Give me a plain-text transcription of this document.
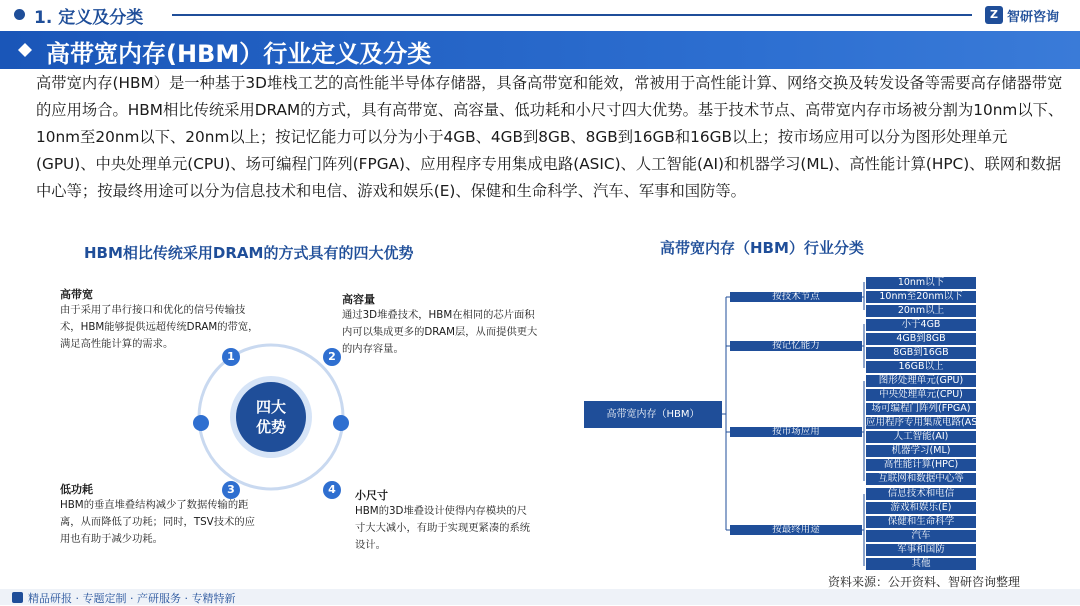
1. 定义及分类	Z 智研咨询
高带宽内存(HBM）行业定义及分类
高带宽内存(HBM）是一种基于3D堆栈工艺的高性能半导体存储器，具备高带宽和能效，常被用于高性能计算、网络交换及转发设备等需要高存储器带宽的应用场合。HBM相比传统采用DRAM的方式，具有高带宽、高容量、低功耗和小尺寸四大优势。基于技术节点、高带宽内存市场被分割为10nm以下、10nm至20nm以下、20nm以上；按记忆能力可以分为小于4GB、4GB到8GB、8GB到16GB和16GB以上；按市场应用可以分为图形处理单元(GPU)、中央处理单元(CPU)、场可编程门阵列(FPGA)、应用程序专用集成电路(ASIC)、人工智能(AI)和机器学习(ML)、高性能计算(HPC)、联网和数据中心等；按最终用途可以分为信息技术和电信、游戏和娱乐(E)、保健和生命科学、汽车、军事和国防等。
HBM相比传统采用DRAM的方式具有的四大优势
四大
优势
1	2
3	4
高带宽
由于采用了串行接口和优化的信号传输技术，HBM能够提供远超传统DRAM的带宽，满足高性能计算的需求。
高容量
通过3D堆叠技术，HBM在相同的芯片面积内可以集成更多的DRAM层，从而提供更大的内存容量。
低功耗
HBM的垂直堆叠结构减少了数据传输的距离，从而降低了功耗；同时，TSV技术的应用也有助于减少功耗。
小尺寸
HBM的3D堆叠设计使得内存模块的尺寸大大减小，有助于实现更紧凑的系统设计。
高带宽内存（HBM）行业分类
高带宽内存（HBM）
按技术节点
按记忆能力
按市场应用
按最终用途
10nm以下
10nm至20nm以下
20nm以上
小于4GB
4GB到8GB
8GB到16GB
16GB以上
图形处理单元(GPU)
中央处理单元(CPU)
场可编程门阵列(FPGA)
应用程序专用集成电路(ASIC)
人工智能(AI)
机器学习(ML)
高性能计算(HPC)
互联网和数据中心等
信息技术和电信
游戏和娱乐(E)
保健和生命科学
汽车
军事和国防
其他
资料来源：公开资料、智研咨询整理
精品研报 · 专题定制 · 产研服务 · 专精特新
